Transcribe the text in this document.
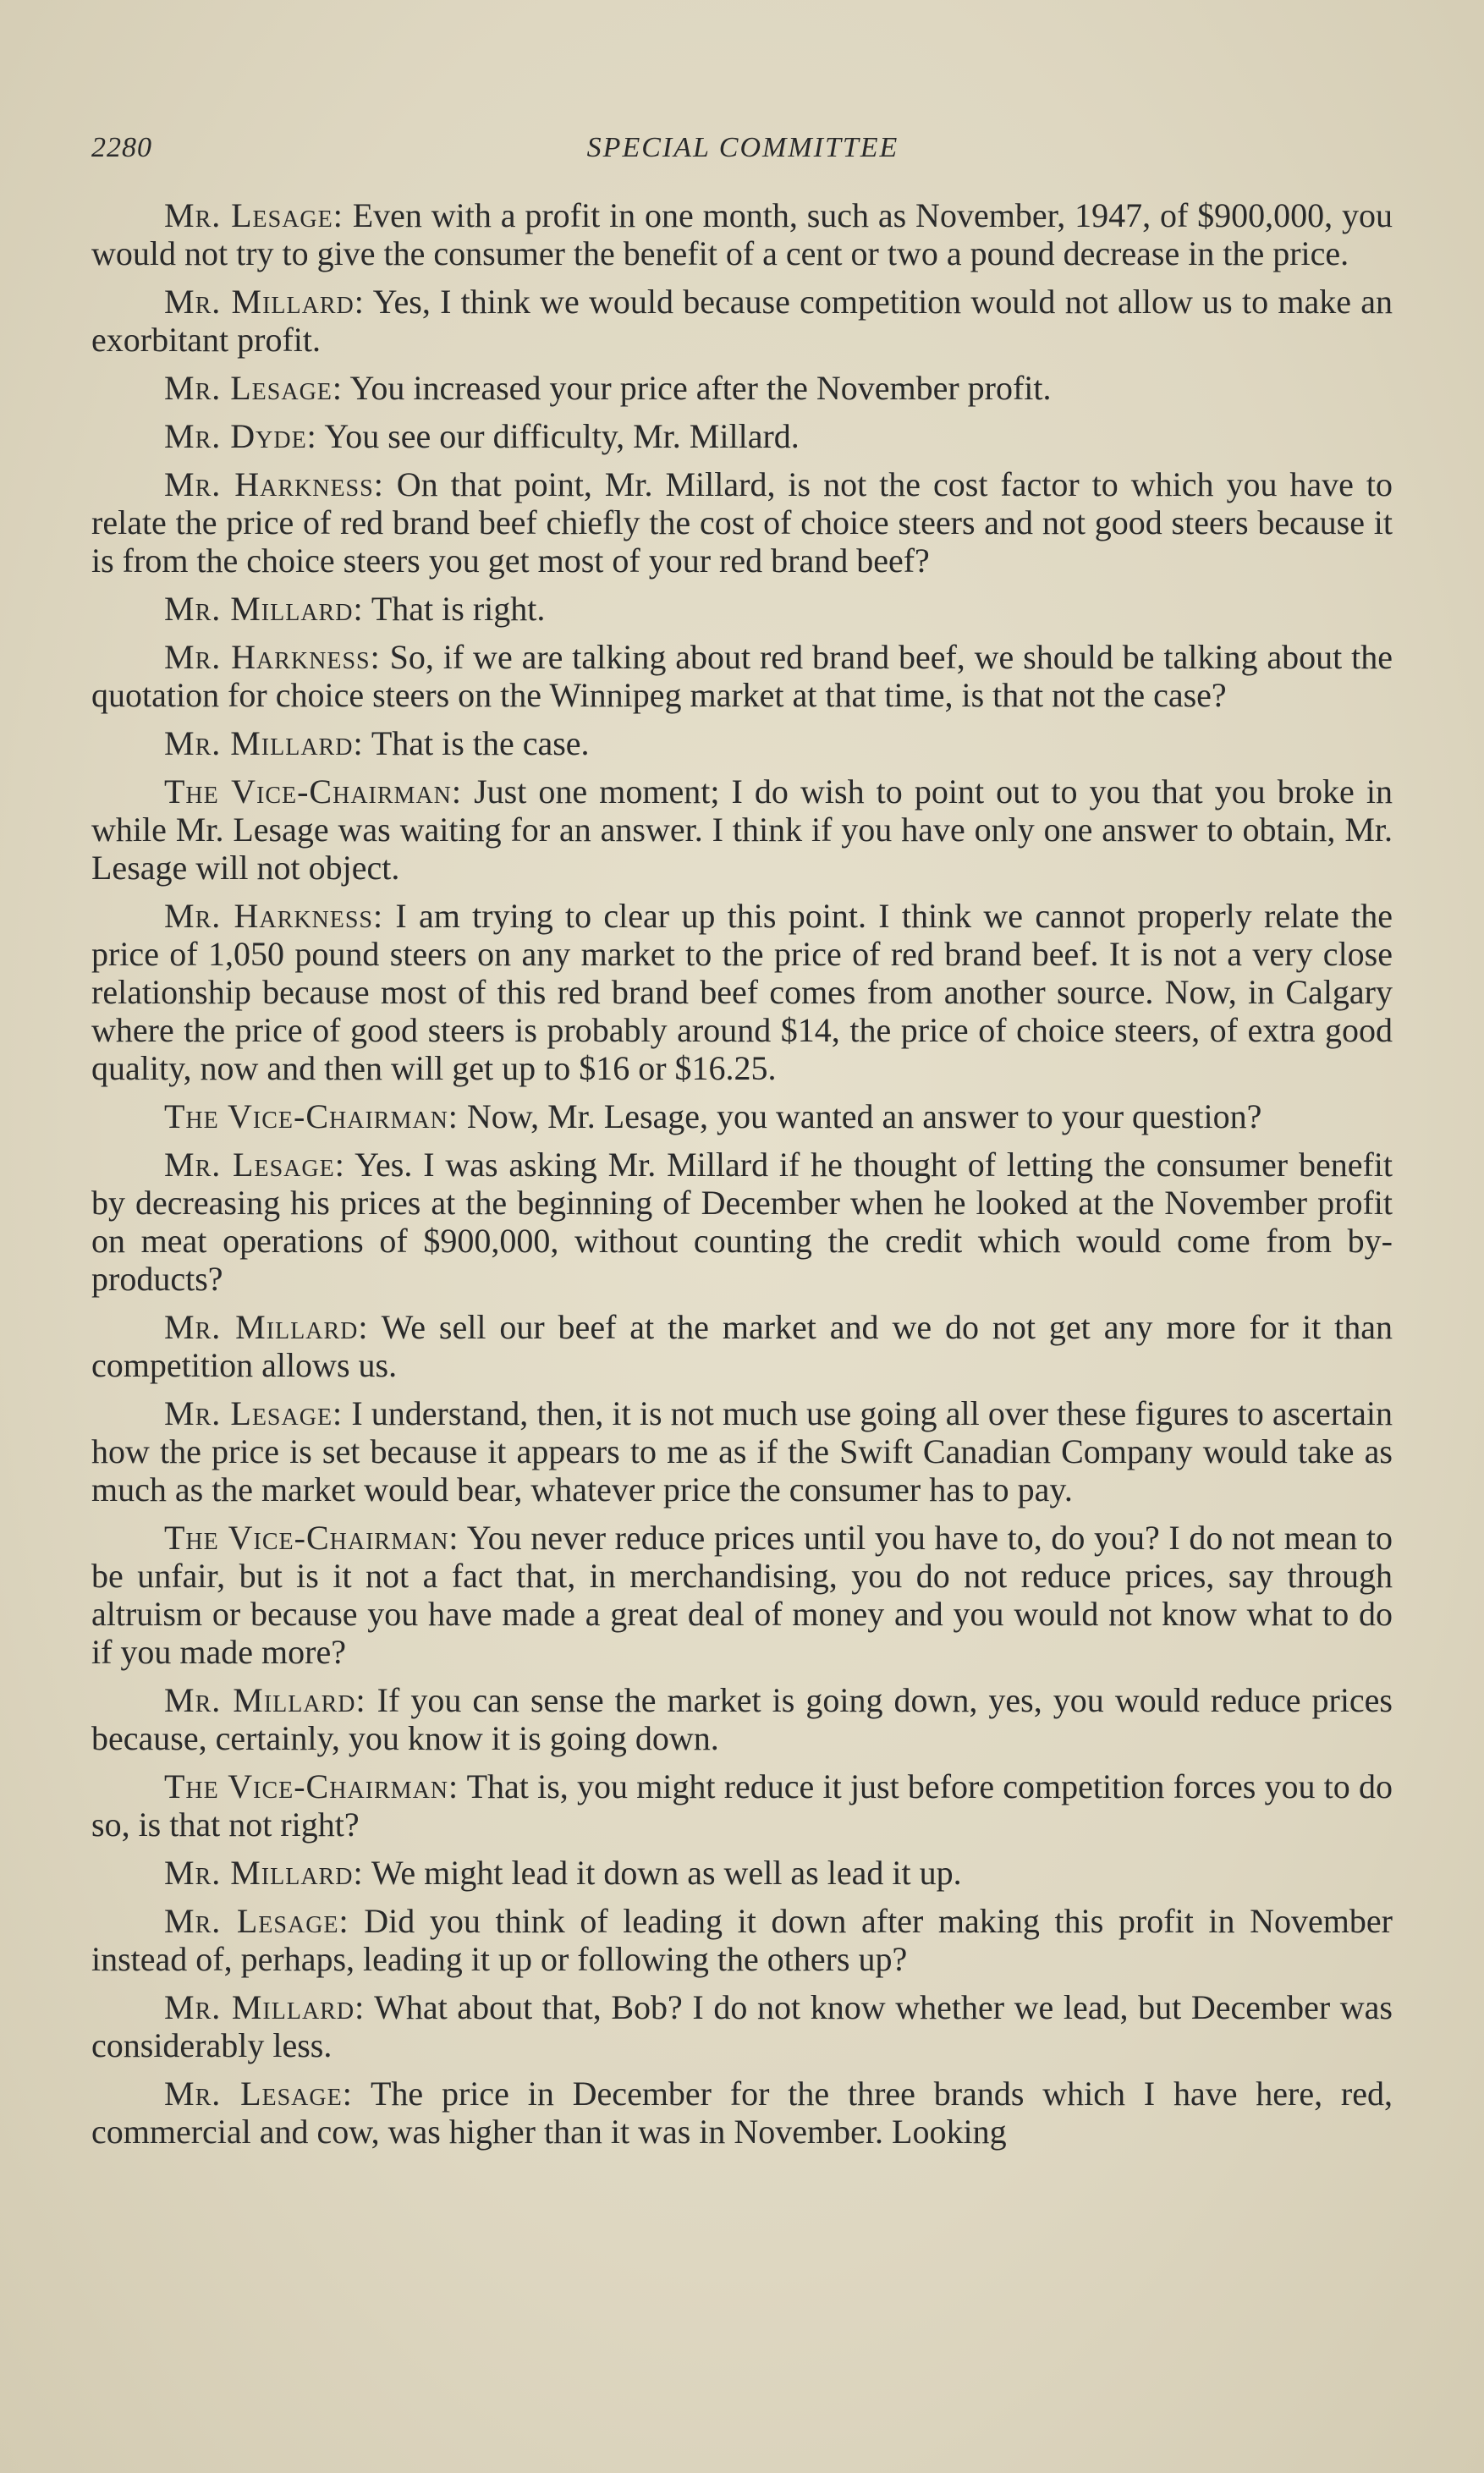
2280	SPECIAL COMMITTEE

Mr. Lesage: Even with a profit in one month, such as November, 1947, of $900,000, you would not try to give the consumer the benefit of a cent or two a pound decrease in the price.

Mr. Millard: Yes, I think we would because competition would not allow us to make an exorbitant profit.

Mr. Lesage: You increased your price after the November profit.

Mr. Dyde: You see our difficulty, Mr. Millard.

Mr. Harkness: On that point, Mr. Millard, is not the cost factor to which you have to relate the price of red brand beef chiefly the cost of choice steers and not good steers because it is from the choice steers you get most of your red brand beef?

Mr. Millard: That is right.

Mr. Harkness: So, if we are talking about red brand beef, we should be talking about the quotation for choice steers on the Winnipeg market at that time, is that not the case?

Mr. Millard: That is the case.

The Vice-Chairman: Just one moment; I do wish to point out to you that you broke in while Mr. Lesage was waiting for an answer. I think if you have only one answer to obtain, Mr. Lesage will not object.

Mr. Harkness: I am trying to clear up this point. I think we cannot properly relate the price of 1,050 pound steers on any market to the price of red brand beef. It is not a very close relationship because most of this red brand beef comes from another source. Now, in Calgary where the price of good steers is probably around $14, the price of choice steers, of extra good quality, now and then will get up to $16 or $16.25.

The Vice-Chairman: Now, Mr. Lesage, you wanted an answer to your question?

Mr. Lesage: Yes. I was asking Mr. Millard if he thought of letting the consumer benefit by decreasing his prices at the beginning of December when he looked at the November profit on meat operations of $900,000, without counting the credit which would come from by-products?

Mr. Millard: We sell our beef at the market and we do not get any more for it than competition allows us.

Mr. Lesage: I understand, then, it is not much use going all over these figures to ascertain how the price is set because it appears to me as if the Swift Canadian Company would take as much as the market would bear, whatever price the consumer has to pay.

The Vice-Chairman: You never reduce prices until you have to, do you? I do not mean to be unfair, but is it not a fact that, in merchandising, you do not reduce prices, say through altruism or because you have made a great deal of money and you would not know what to do if you made more?

Mr. Millard: If you can sense the market is going down, yes, you would reduce prices because, certainly, you know it is going down.

The Vice-Chairman: That is, you might reduce it just before competition forces you to do so, is that not right?

Mr. Millard: We might lead it down as well as lead it up.

Mr. Lesage: Did you think of leading it down after making this profit in November instead of, perhaps, leading it up or following the others up?

Mr. Millard: What about that, Bob? I do not know whether we lead, but December was considerably less.

Mr. Lesage: The price in December for the three brands which I have here, red, commercial and cow, was higher than it was in November. Looking
